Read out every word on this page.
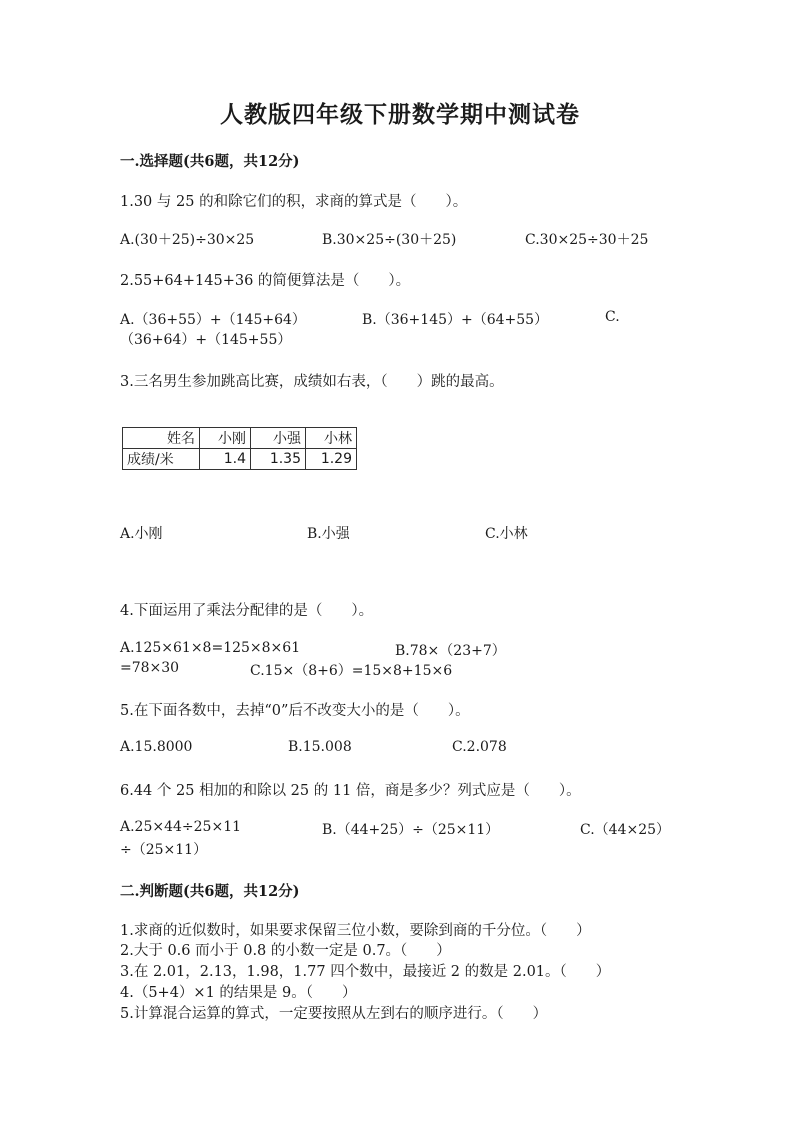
人教版四年级下册数学期中测试卷
一.选择题(共6题，共12分)
1.30 与 25 的和除它们的积，求商的算式是（　　）。
A.(30＋25)÷30×25	B.30×25÷(30＋25)	C.30×25÷30＋25
2.55+64+145+36 的简便算法是（　　）。
A.（36+55）+（145+64）	B.（36+145）+（64+55）	C.
（36+64）+（145+55）
3.三名男生参加跳高比赛，成绩如右表，（　　）跳的最高。
姓名	小刚	小强	小林
成绩/米	1.4	1.35	1.29
A.小刚	B.小强	C.小林
4.下面运用了乘法分配律的是（　　）。
A.125×61×8=125×8×61	B.78×（23+7）
=78×30	C.15×（8+6）=15×8+15×6
5.在下面各数中，去掉“0”后不改变大小的是（　　）。
A.15.8000	B.15.008	C.2.078
6.44 个 25 相加的和除以 25 的 11 倍，商是多少？列式应是（　　）。
A.25×44÷25×11	B.（44+25）÷（25×11）	C.（44×25）
÷（25×11）
二.判断题(共6题，共12分)
1.求商的近似数时，如果要求保留三位小数，要除到商的千分位。（　　）
2.大于 0.6 而小于 0.8 的小数一定是 0.7。（　　）
3.在 2.01，2.13，1.98，1.77 四个数中，最接近 2 的数是 2.01。（　　）
4.（5+4）×1 的结果是 9。（　　）
5.计算混合运算的算式，一定要按照从左到右的顺序进行。（　　）
